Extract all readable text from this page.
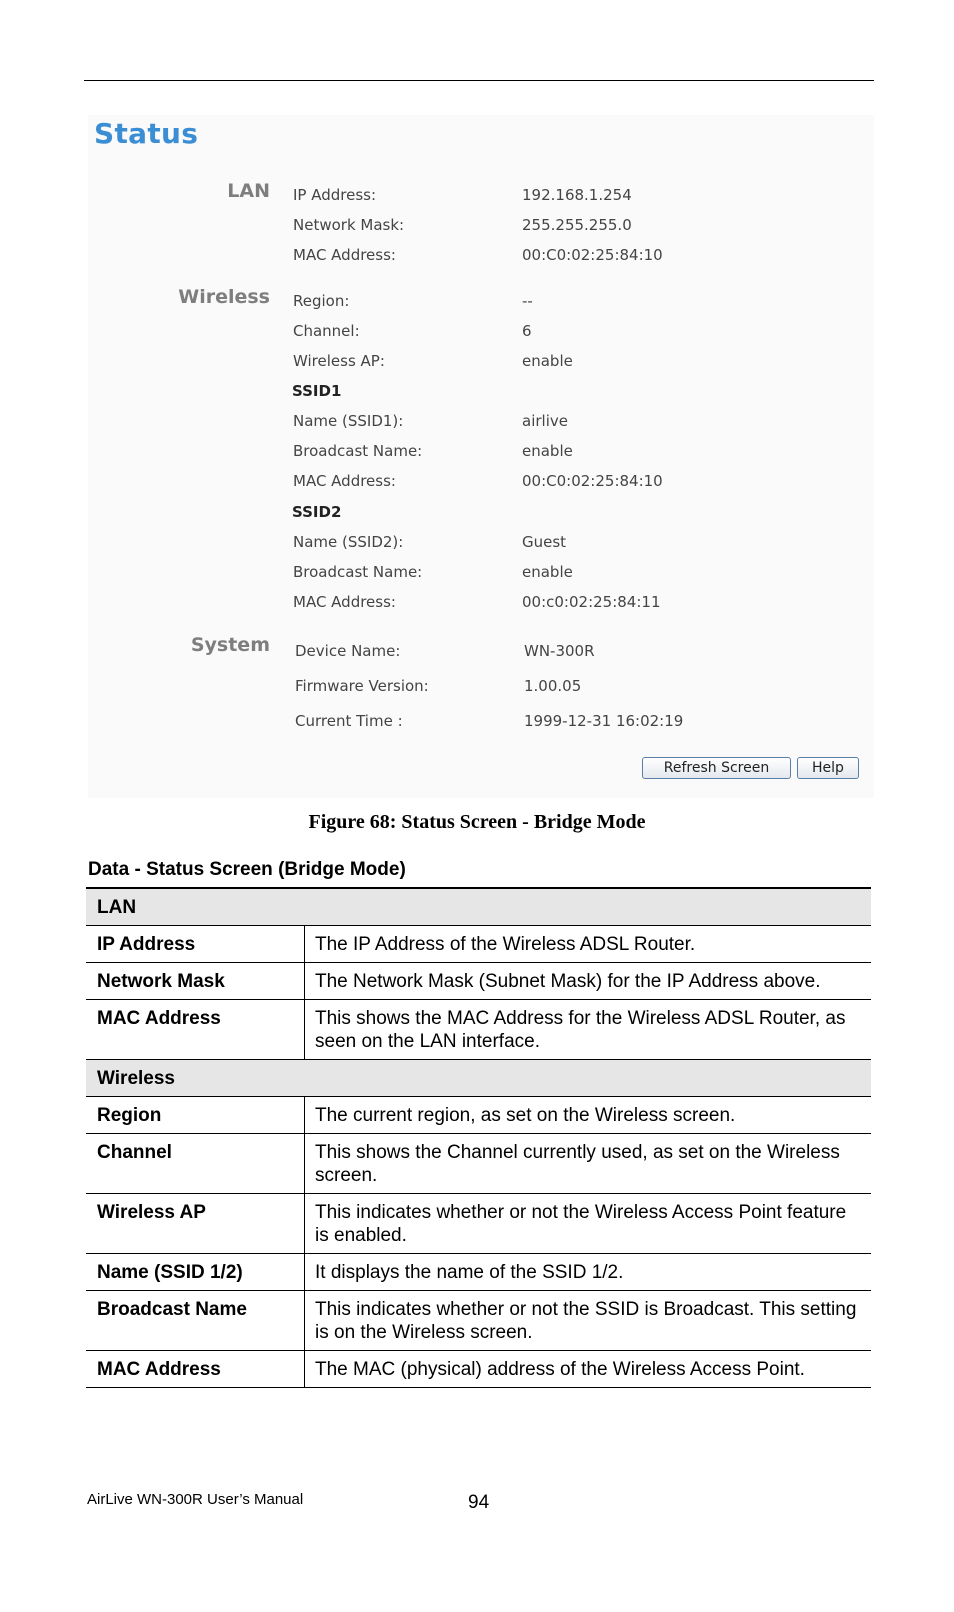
Status
LAN IP Address:	192.168.1.254
Network Mask:	255.255.255.0
MAC Address:	00:C0:02:25:84:10
Wireless Region:	--
Channel:	6
Wireless AP:	enable
SSID1
Name (SSID1):	airlive
Broadcast Name:	enable
MAC Address:	00:C0:02:25:84:10
SSID2
Name (SSID2):	Guest
Broadcast Name:	enable
MAC Address:	00:c0:02:25:84:11
System Device Name:	WN-300R
Firmware Version:	1.00.05
Current Time :	1999-12-31 16:02:19
Refresh Screen	Help
Figure 68: Status Screen - Bridge Mode
Data - Status Screen (Bridge Mode)
LAN	
IP Address	The IP Address of the Wireless ADSL Router.
Network Mask	The Network Mask (Subnet Mask) for the IP Address above.
MAC Address	This shows the MAC Address for the Wireless ADSL Router, as seen on the LAN interface.
Wireless	
Region	The current region, as set on the Wireless screen.
Channel	This shows the Channel currently used, as set on the Wireless screen.
Wireless AP	This indicates whether or not the Wireless Access Point feature is enabled.
Name (SSID 1/2)	It displays the name of the SSID 1/2.
Broadcast Name	This indicates whether or not the SSID is Broadcast. This setting is on the Wireless screen.
MAC Address	The MAC (physical) address of the Wireless Access Point.
AirLive WN-300R User’s Manual	94
